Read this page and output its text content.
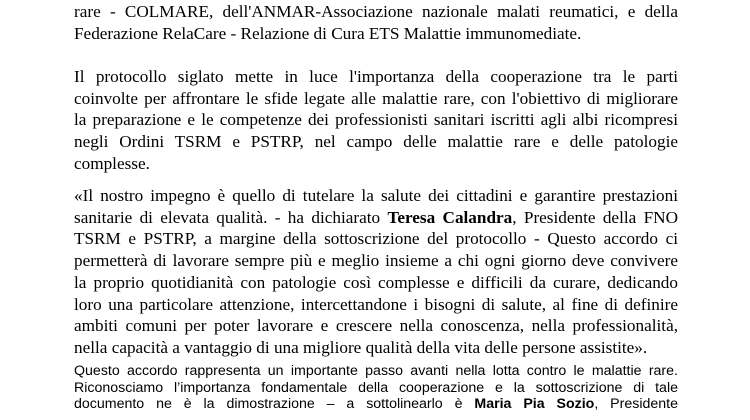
rare - COLMARE, dell'ANMAR-Associazione nazionale malati reumatici, e della
Federazione RelaCare - Relazione di Cura ETS Malattie immunomediate.
Il protocollo siglato mette in luce l'importanza della cooperazione tra le parti
coinvolte per affrontare le sfide legate alle malattie rare, con l'obiettivo di migliorare
la preparazione e le competenze dei professionisti sanitari iscritti agli albi ricompresi
negli Ordini TSRM e PSTRP, nel campo delle malattie rare e delle patologie
complesse.
«Il nostro impegno è quello di tutelare la salute dei cittadini e garantire prestazioni
sanitarie di elevata qualità. - ha dichiarato Teresa Calandra, Presidente della FNO
TSRM e PSTRP, a margine della sottoscrizione del protocollo - Questo accordo ci
permetterà di lavorare sempre più e meglio insieme a chi ogni giorno deve convivere
la proprio quotidianità con patologie così complesse e difficili da curare, dedicando
loro una particolare attenzione, intercettandone i bisogni di salute, al fine di definire
ambiti comuni per poter lavorare e crescere nella conoscenza, nella professionalità,
nella capacità a vantaggio di una migliore qualità della vita delle persone assistite».
Questo accordo rappresenta un importante passo avanti nella lotta contro le malattie rare.
Riconosciamo l’importanza fondamentale della cooperazione e la sottoscrizione di tale
documento ne è la dimostrazione – a sottolinearlo è Maria Pia Sozio, Presidente
